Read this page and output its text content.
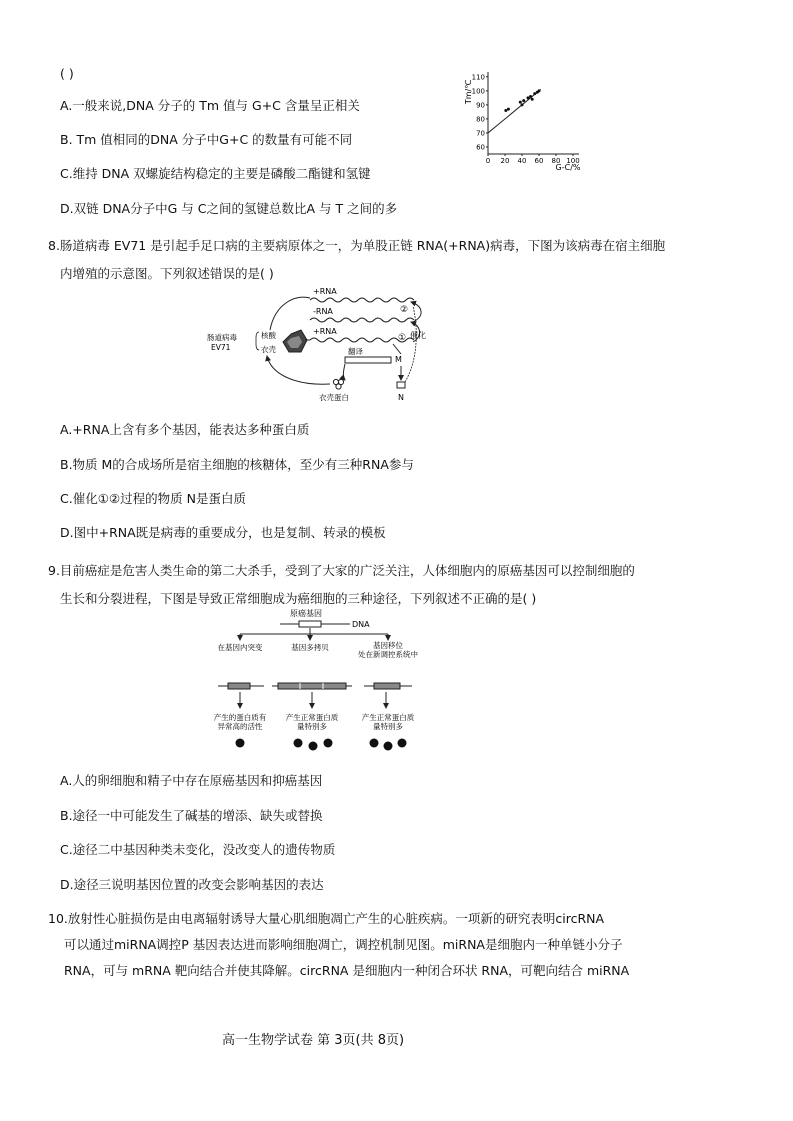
( )
A.一般来说,DNA 分子的 Tm 值与 G+C 含量呈正相关
B. Tm 值相同的DNA 分子中G+C 的数量有可能不同
C.维持 DNA 双螺旋结构稳定的主要是磷酸二酯键和氢键
D.双链 DNA分子中G 与 C之间的氢键总数比A 与 T 之间的多
0 20 40 60 80 100
60
70
80
90
100
110
Tm/℃
G-C/%
8.肠道病毒 EV71 是引起手足口病的主要病原体之一，为单股正链 RNA(+RNA)病毒，下图为该病毒在宿主细胞
内增殖的示意图。下列叙述错误的是( )
+RNA
-RNA
+RNA
②
① 催化
肠道病毒
EV71
核酸
衣壳	翻译
M
N
衣壳蛋白
A.+RNA上含有多个基因，能表达多种蛋白质
B.物质 M的合成场所是宿主细胞的核糖体，至少有三种RNA参与
C.催化①②过程的物质 N是蛋白质
D.图中+RNA既是病毒的重要成分，也是复制、转录的模板
9.目前癌症是危害人类生命的第二大杀手，受到了大家的广泛关注，人体细胞内的原癌基因可以控制细胞的
生长和分裂进程，下图是导致正常细胞成为癌细胞的三种途径，下列叙述不正确的是( )
原癌基因
DNA
在基因内突变	基因多拷贝	基因移位
处在新调控系统中
产生的蛋白质有
异常高的活性
产生正常蛋白质
量特别多
产生正常蛋白质
量特别多
A.人的卵细胞和精子中存在原癌基因和抑癌基因
B.途径一中可能发生了碱基的增添、缺失或替换
C.途径二中基因种类未变化，没改变人的遗传物质
D.途径三说明基因位置的改变会影响基因的表达
10.放射性心脏损伤是由电离辐射诱导大量心肌细胞凋亡产生的心脏疾病。一项新的研究表明circRNA
可以通过miRNA调控P 基因表达进而影响细胞凋亡，调控机制见图。miRNA是细胞内一种单链小分子
RNA，可与 mRNA 靶向结合并使其降解。circRNA 是细胞内一种闭合环状 RNA，可靶向结合 miRNA
高一生物学试卷 第 3页(共 8页)
